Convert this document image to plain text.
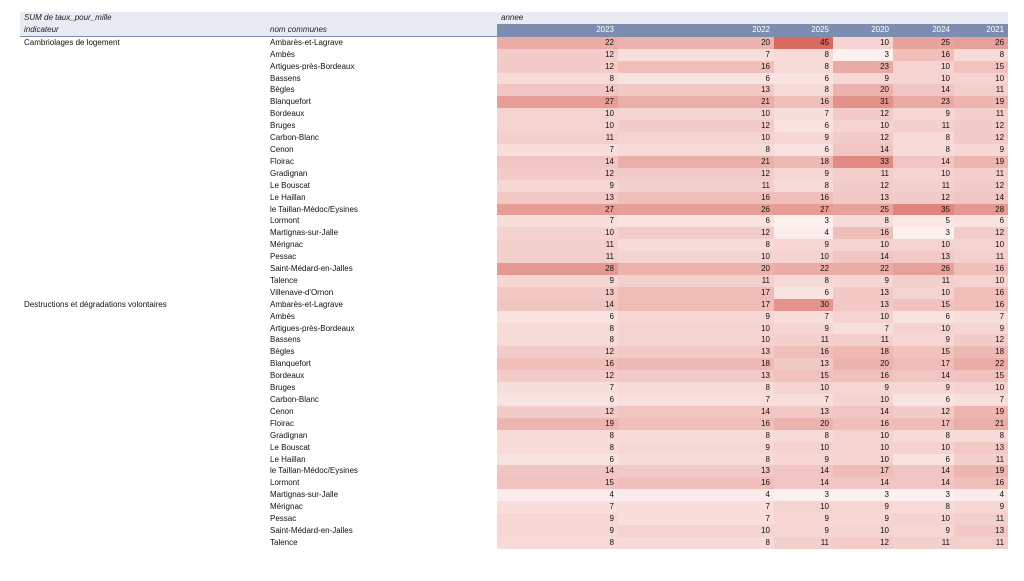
SUM de taux_pour_mille		annee					
indicateur	nom communes	2023	2022	2025	2020	2024	2021
Cambriolages de logement	Ambarès-et-Lagrave	22	20	45	10	25	26
	Ambès	12	7	8	3	16	8
	Artigues-près-Bordeaux	12	16	8	23	10	15
	Bassens	8	6	6	9	10	10
	Bègles	14	13	8	20	14	11
	Blanquefort	27	21	16	31	23	19
	Bordeaux	10	10	7	12	9	11
	Bruges	10	12	6	10	11	12
	Carbon-Blanc	11	10	9	12	8	12
	Cenon	7	8	6	14	8	9
	Floirac	14	21	18	33	14	19
	Gradignan	12	12	9	11	10	11
	Le Bouscat	9	11	8	12	11	12
	Le Haillan	13	16	16	13	12	14
	le Taillan-Médoc/Eysines	27	26	27	25	35	28
	Lormont	7	6	3	8	5	6
	Martignas-sur-Jalle	10	12	4	16	3	12
	Mérignac	11	8	9	10	10	10
	Pessac	11	10	10	14	13	11
	Saint-Médard-en-Jalles	28	20	22	22	26	16
	Talence	9	11	8	9	11	10
	Villenave-d'Ornon	13	17	6	13	10	16
Destructions et dégradations volontaires	Ambarès-et-Lagrave	14	17	30	13	15	16
	Ambès	6	9	7	10	6	7
	Artigues-près-Bordeaux	8	10	9	7	10	9
	Bassens	8	10	11	11	9	12
	Bègles	12	13	16	18	15	18
	Blanquefort	16	18	13	20	17	22
	Bordeaux	12	13	15	16	14	15
	Bruges	7	8	10	9	9	10
	Carbon-Blanc	6	7	7	10	6	7
	Cenon	12	14	13	14	12	19
	Floirac	19	16	20	16	17	21
	Gradignan	8	8	8	10	8	8
	Le Bouscat	8	9	10	10	10	13
	Le Haillan	6	8	9	10	6	11
	le Taillan-Médoc/Eysines	14	13	14	17	14	19
	Lormont	15	16	14	14	14	16
	Martignas-sur-Jalle	4	4	3	3	3	4
	Mérignac	7	7	10	9	8	9
	Pessac	9	7	9	9	10	11
	Saint-Médard-en-Jalles	9	10	9	10	9	13
	Talence	8	8	11	12	11	11
